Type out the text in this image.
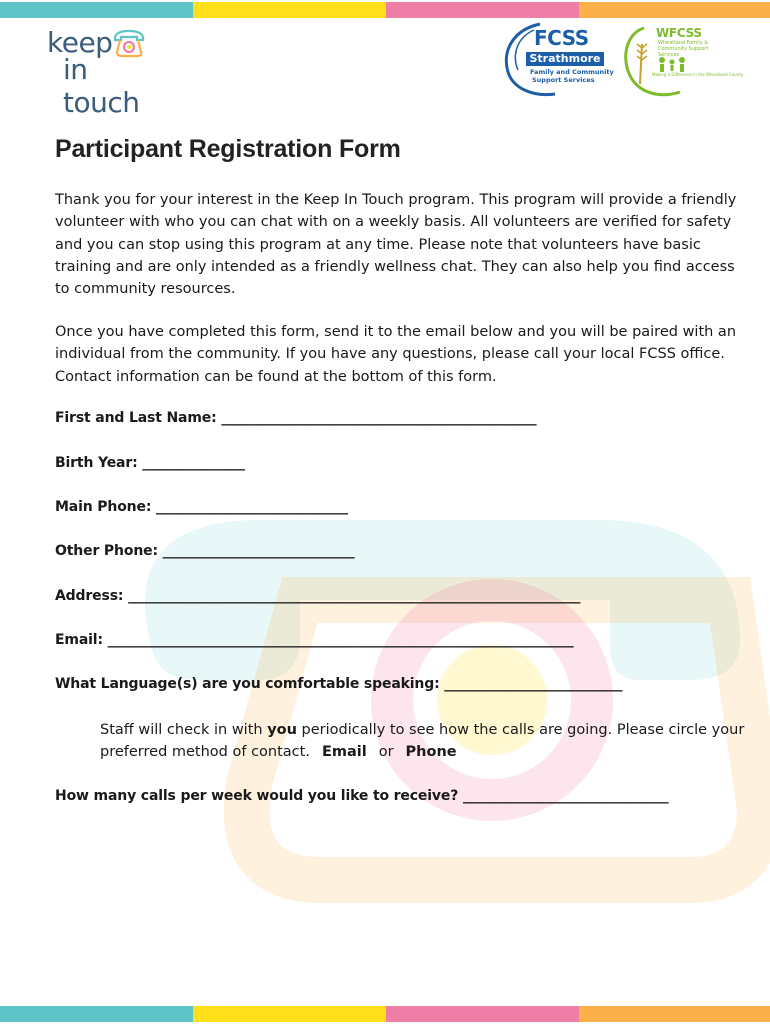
keep
in touch
FCSS
Strathmore
Family and Community
Support Services
WFCSS
Wheatland Family & Community Support Services
Making a Difference in the Wheatland County
Participant Registration Form
Thank you for your interest in the Keep In Touch program. This program will provide a friendly volunteer with who you can chat with on a weekly basis. All volunteers are verified for safety and you can stop using this program at any time. Please note that volunteers have basic training and are only intended as a friendly wellness chat. They can also help you find access to community resources.
Once you have completed this form, send it to the email below and you will be paired with an individual from the community. If you have any questions, please call your local FCSS office. Contact information can be found at the bottom of this form.
First and Last Name: ______________________________________________
Birth Year: _______________
Main Phone: ____________________________
Other Phone: ____________________________
Address: __________________________________________________________________
Email: ____________________________________________________________________
What Language(s) are you comfortable speaking: __________________________
Staff will check in with you periodically to see how the calls are going. Please circle your preferred method of contact. Email or Phone
How many calls per week would you like to receive? ______________________________
